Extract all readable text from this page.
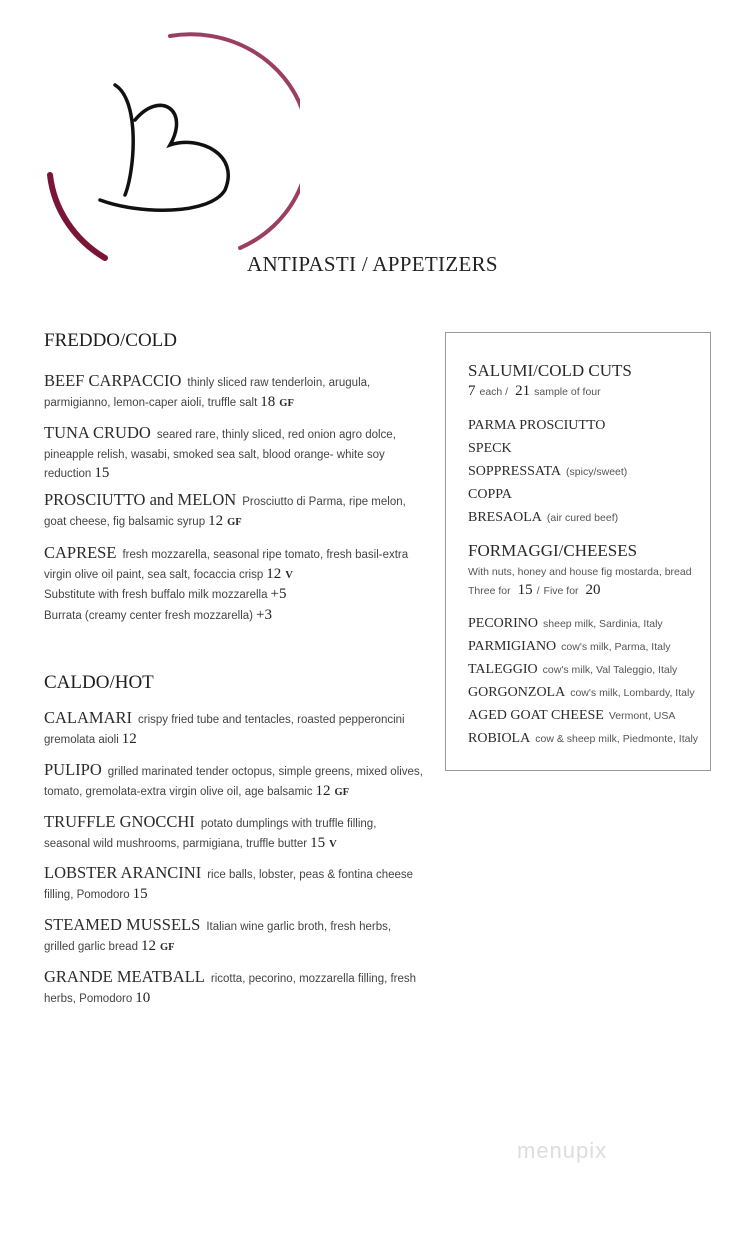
ANTIPASTI / APPETIZERS
FREDDO/COLD
BEEF CARPACCIO thinly sliced raw tenderloin, arugula, parmigianno, lemon-caper aioli, truffle salt 18 GF
TUNA CRUDO seared rare, thinly sliced, red onion agro dolce, pineapple relish, wasabi, smoked sea salt, blood orange- white soy reduction 15
PROSCIUTTO and MELON Prosciutto di Parma, ripe melon, goat cheese, fig balsamic syrup 12 GF
CAPRESE fresh mozzarella, seasonal ripe tomato, fresh basil-extra virgin olive oil paint, sea salt, focaccia crisp 12 V
Substitute with fresh buffalo milk mozzarella +5
Burrata (creamy center fresh mozzarella) +3
CALDO/HOT
CALAMARI crispy fried tube and tentacles, roasted pepperoncini gremolata aioli 12
PULIPO grilled marinated tender octopus, simple greens, mixed olives, tomato, gremolata-extra virgin olive oil, age balsamic 12 GF
TRUFFLE GNOCCHI potato dumplings with truffle filling, seasonal wild mushrooms, parmigiana, truffle butter 15 V
LOBSTER ARANCINI rice balls, lobster, peas & fontina cheese filling, Pomodoro 15
STEAMED MUSSELS Italian wine garlic broth, fresh herbs, grilled garlic bread 12 GF
GRANDE MEATBALL ricotta, pecorino, mozzarella filling, fresh herbs, Pomodoro 10
SALUMI/COLD CUTS
7 each / 21 sample of four
PARMA PROSCIUTTO
SPECK
SOPPRESSATA (spicy/sweet)
COPPA
BRESAOLA (air cured beef)
FORMAGGI/CHEESES
With nuts, honey and house fig mostarda, bread
Three for 15 / Five for 20
PECORINO sheep milk, Sardinia, Italy
PARMIGIANO cow's milk, Parma, Italy
TALEGGIO cow's milk, Val Taleggio, Italy
GORGONZOLA cow's milk, Lombardy, Italy
AGED GOAT CHEESE Vermont, USA
ROBIOLA cow & sheep milk, Piedmonte, Italy
menupix
